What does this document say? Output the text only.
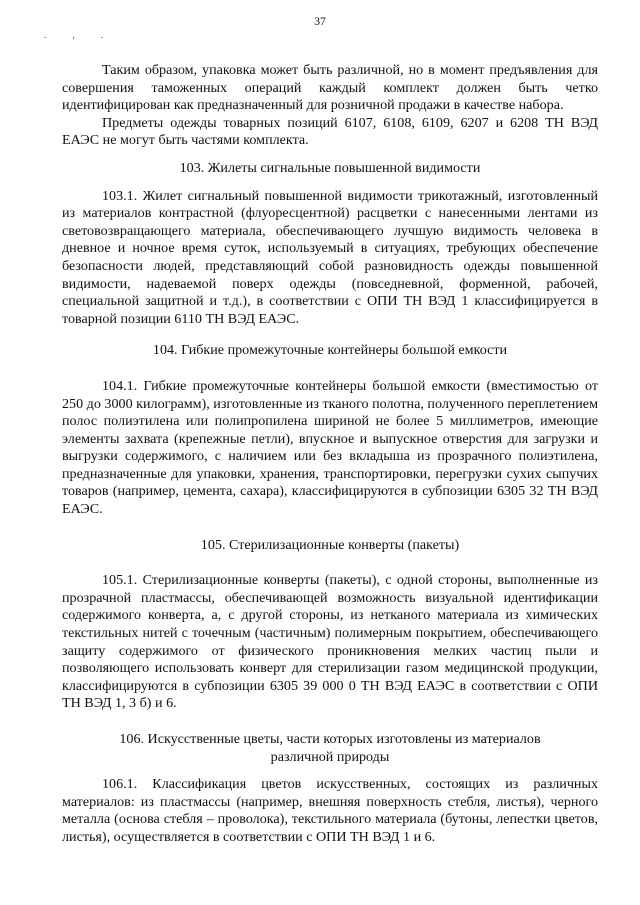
37
. , .

Таким образом, упаковка может быть различной, но в момент предъявления для совершения таможенных операций каждый комплект должен быть четко идентифицирован как предназначенный для розничной продажи в качестве набора.

Предметы одежды товарных позиций 6107, 6108, 6109, 6207 и 6208 ТН ВЭД ЕАЭС не могут быть частями комплекта.

103. Жилеты сигнальные повышенной видимости

103.1. Жилет сигнальный повышенной видимости трикотажный, изготовленный из материалов контрастной (флуоресцентной) расцветки с нанесенными лентами из световозвращающего материала, обеспечивающего лучшую видимость человека в дневное и ночное время суток, используемый в ситуациях, требующих обеспечение безопасности людей, представляющий собой разновидность одежды повышенной видимости, надеваемой поверх одежды (повседневной, форменной, рабочей, специальной защитной и т.д.), в соответствии с ОПИ ТН ВЭД 1 классифицируется в товарной позиции 6110 ТН ВЭД ЕАЭС.

104. Гибкие промежуточные контейнеры большой емкости

104.1. Гибкие промежуточные контейнеры большой емкости (вместимостью от 250 до 3000 килограмм), изготовленные из тканого полотна, полученного переплетением полос полиэтилена или полипропилена шириной не более 5 миллиметров, имеющие элементы захвата (крепежные петли), впускное и выпускное отверстия для загрузки и выгрузки содержимого, с наличием или без вкладыша из прозрачного полиэтилена, предназначенные для упаковки, хранения, транспортировки, перегрузки сухих сыпучих товаров (например, цемента, сахара), классифицируются в субпозиции 6305 32 ТН ВЭД ЕАЭС.

105. Стерилизационные конверты (пакеты)

105.1. Стерилизационные конверты (пакеты), с одной стороны, выполненные из прозрачной пластмассы, обеспечивающей возможность визуальной идентификации содержимого конверта, а, с другой стороны, из нетканого материала из химических текстильных нитей с точечным (частичным) полимерным покрытием, обеспечивающего защиту содержимого от физического проникновения мелких частиц пыли и позволяющего использовать конверт для стерилизации газом медицинской продукции, классифицируются в субпозиции 6305 39 000 0 ТН ВЭД ЕАЭС в соответствии с ОПИ ТН ВЭД 1, 3 б) и 6.

106. Искусственные цветы, части которых изготовлены из материалов
различной природы

106.1. Классификация цветов искусственных, состоящих из различных материалов: из пластмассы (например, внешняя поверхность стебля, листья), черного металла (основа стебля – проволока), текстильного материала (бутоны, лепестки цветов, листья), осуществляется в соответствии с ОПИ ТН ВЭД 1 и 6.
